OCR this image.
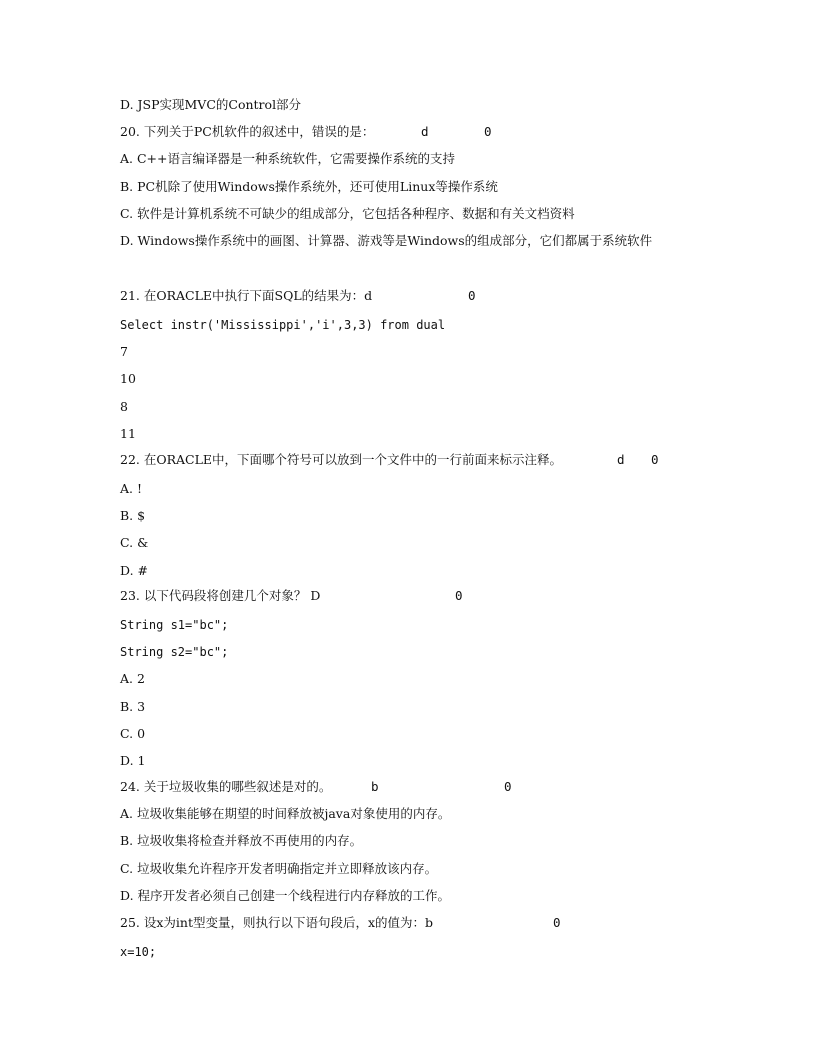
D. JSP实现MVC的Control部分
20. 下列关于PC机软件的叙述中，错误的是：	d	0
A. C++语言编译器是一种系统软件，它需要操作系统的支持
B. PC机除了使用Windows操作系统外，还可使用Linux等操作系统
C. 软件是计算机系统不可缺少的组成部分，它包括各种程序、数据和有关文档资料
D. Windows操作系统中的画图、计算器、游戏等是Windows的组成部分，它们都属于系统软件
21. 在ORACLE中执行下面SQL的结果为：d	0
Select instr('Mississippi','i',3,3) from dual
7
10
8
11
22. 在ORACLE中，下面哪个符号可以放到一个文件中的一行前面来标示注释。	d 0
A. !
B. $
C. &
D. #
23. 以下代码段将创建几个对象？ D	0
String s1="bc";
String s2="bc";
A. 2
B. 3
C. 0
D. 1
24. 关于垃圾收集的哪些叙述是对的。	b	0
A. 垃圾收集能够在期望的时间释放被java对象使用的内存。
B. 垃圾收集将检查并释放不再使用的内存。
C. 垃圾收集允许程序开发者明确指定并立即释放该内存。
D. 程序开发者必须自己创建一个线程进行内存释放的工作。
25. 设x为int型变量，则执行以下语句段后，x的值为：b	0
x=10;
